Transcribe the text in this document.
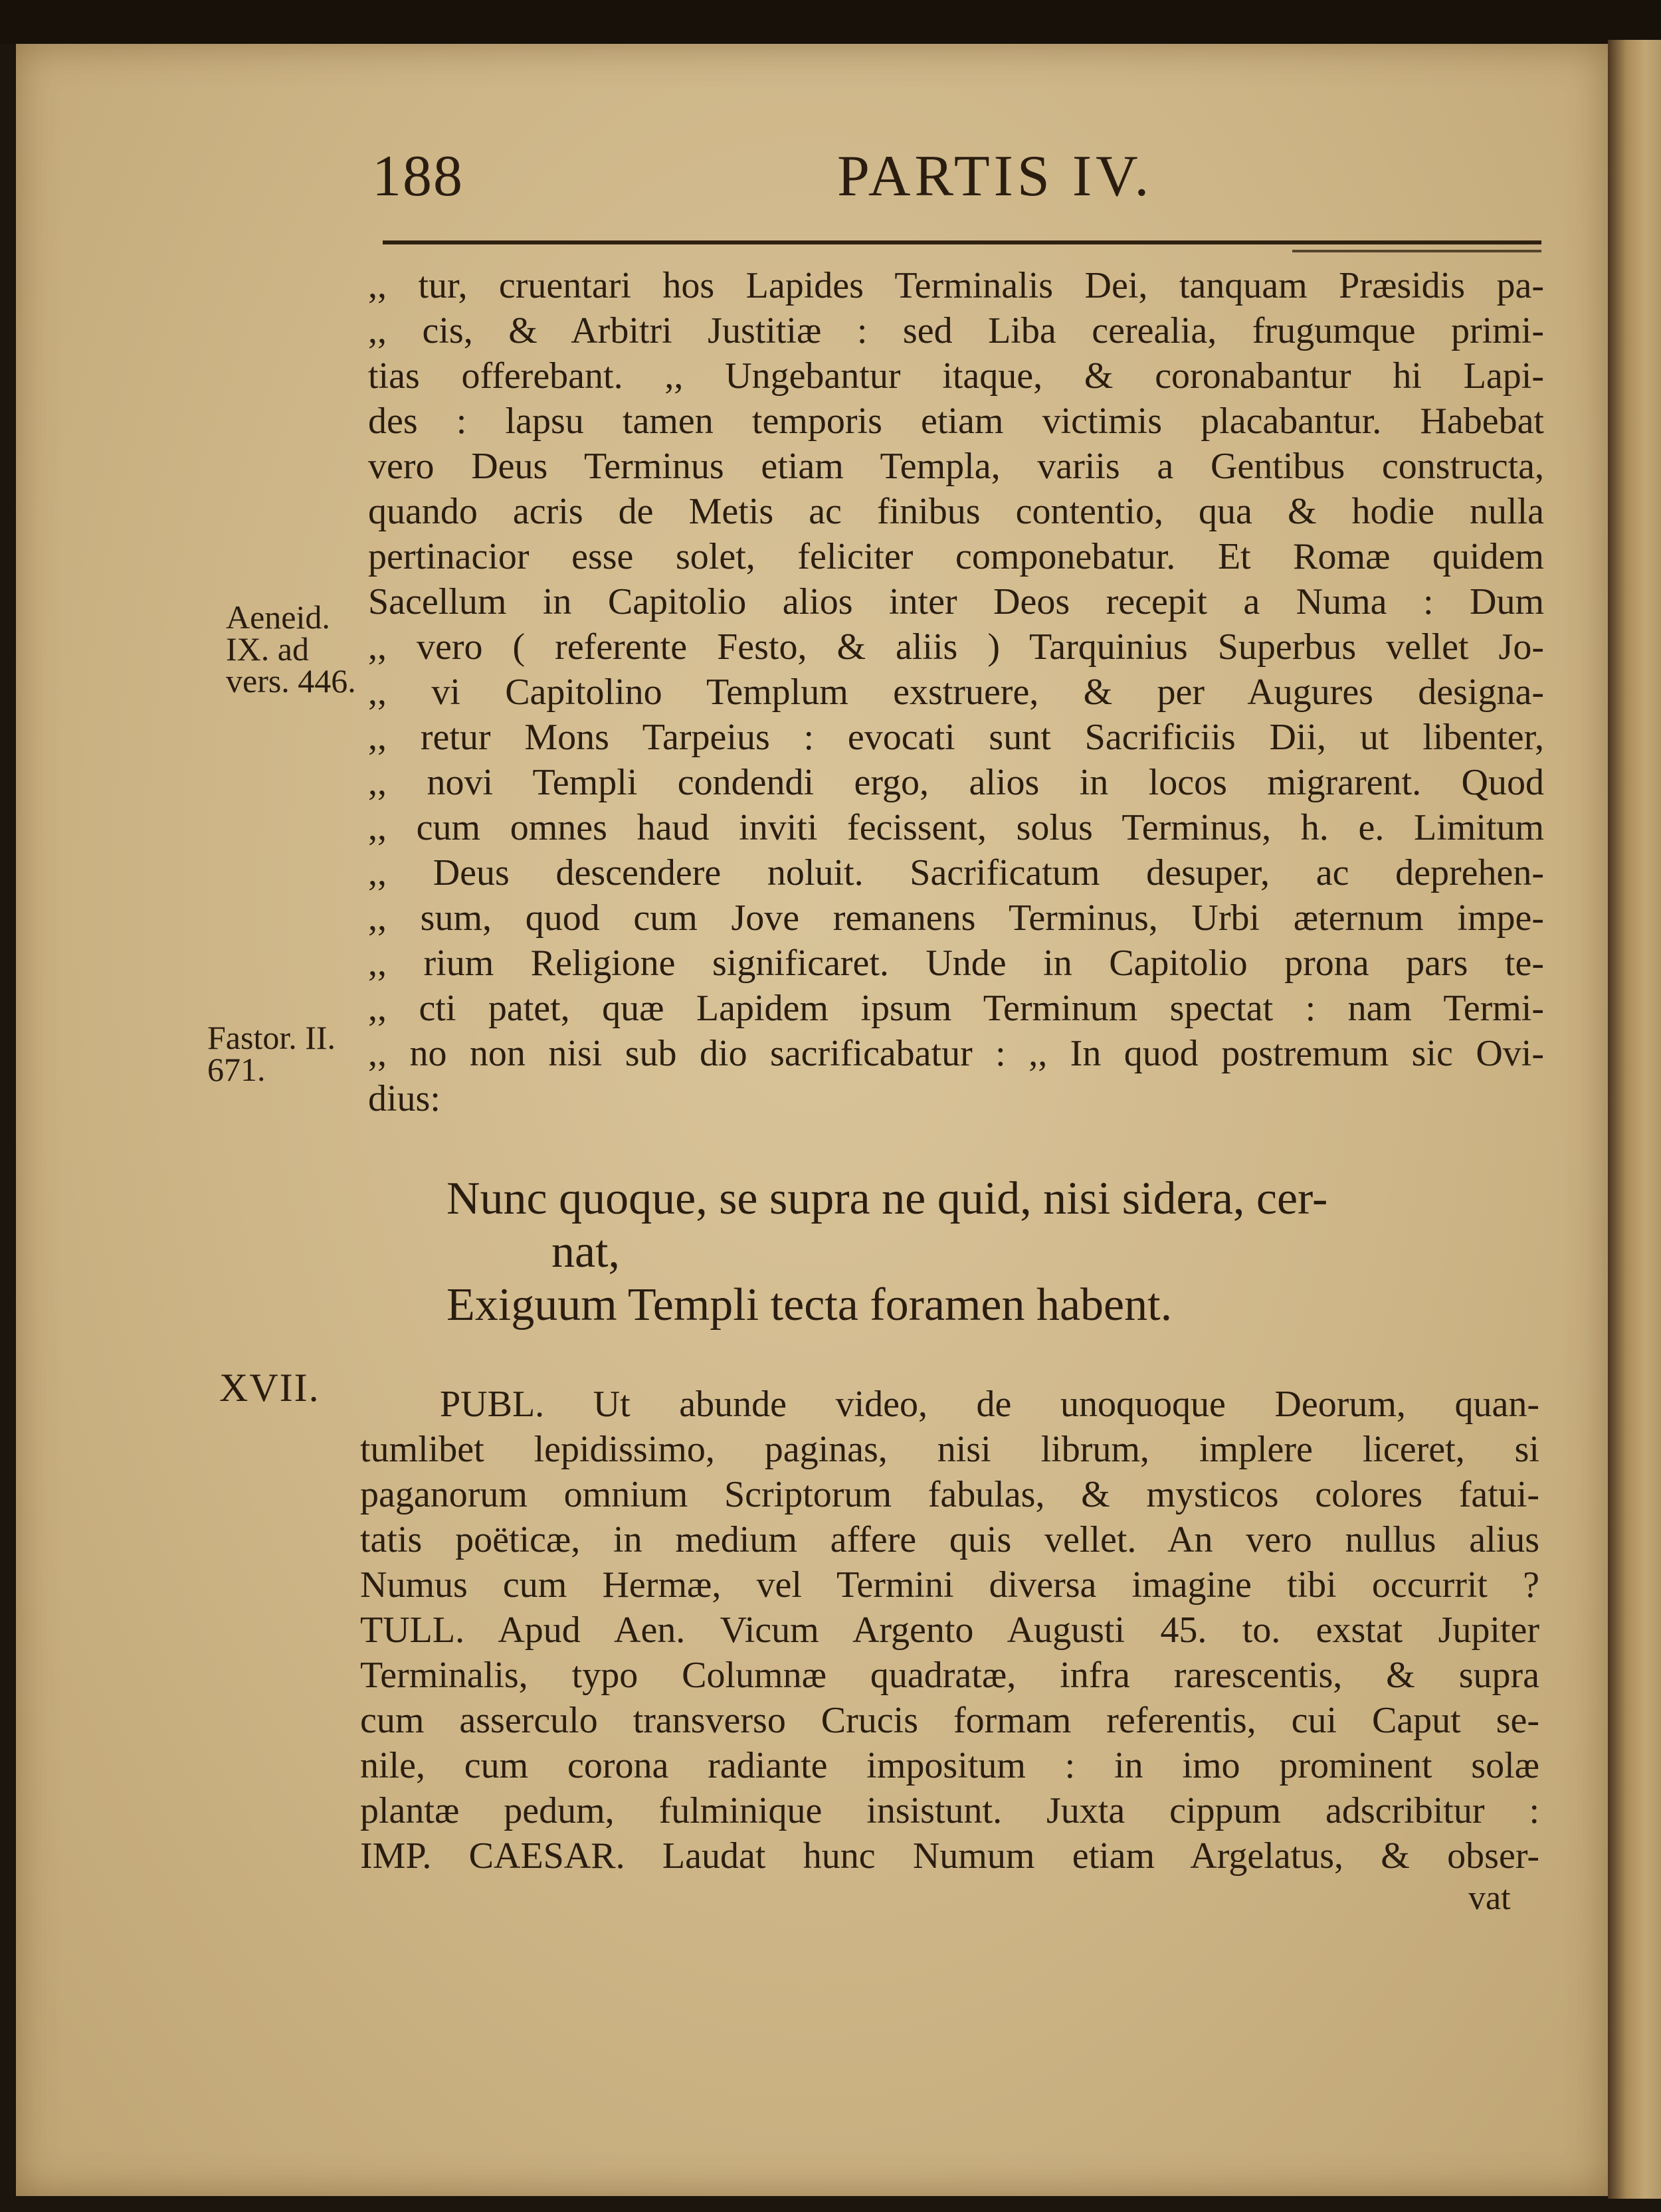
188	PARTIS IV.
,, tur, cruentari hos Lapides Terminalis Dei, tanquam Præsidis pa-
,, cis, & Arbitri Justitiæ : sed Liba cerealia, frugumque primi-
tias offerebant. ,, Ungebantur itaque, & coronabantur hi Lapi-
des : lapsu tamen temporis etiam victimis placabantur. Habebat
vero Deus Terminus etiam Templa, variis a Gentibus constructa,
quando acris de Metis ac finibus contentio, qua & hodie nulla
pertinacior esse solet, feliciter componebatur. Et Romæ quidem
Sacellum in Capitolio alios inter Deos recepit a Numa : Dum
,, vero ( referente Festo, & aliis ) Tarquinius Superbus vellet Jo-
,, vi Capitolino Templum exstruere, & per Augures designa-
,, retur Mons Tarpeius : evocati sunt Sacrificiis Dii, ut libenter,
,, novi Templi condendi ergo, alios in locos migrarent. Quod
,, cum omnes haud inviti fecissent, solus Terminus, h. e. Limitum
,, Deus descendere noluit. Sacrificatum desuper, ac deprehen-
,, sum, quod cum Jove remanens Terminus, Urbi æternum impe-
,, rium Religione significaret. Unde in Capitolio prona pars te-
,, cti patet, quæ Lapidem ipsum Terminum spectat : nam Termi-
,, no non nisi sub dio sacrificabatur : ,, In quod postremum sic Ovi-
dius:
Aeneid.
IX. ad
vers. 446.
Fastor. II.
671.
Nunc quoque, se supra ne quid, nisi sidera, cer-
nat,
Exiguum Templi tecta foramen habent.
XVII.	PUBL. Ut abunde video, de unoquoque Deorum, quan-
tumlibet lepidissimo, paginas, nisi librum, implere liceret, si
paganorum omnium Scriptorum fabulas, & mysticos colores fatui-
tatis poëticæ, in medium affere quis vellet. An vero nullus alius
Numus cum Hermæ, vel Termini diversa imagine tibi occurrit ?
TULL. Apud Aen. Vicum Argento Augusti 45. to. exstat Jupiter
Terminalis, typo Columnæ quadratæ, infra rarescentis, & supra
cum asserculo transverso Crucis formam referentis, cui Caput se-
nile, cum corona radiante impositum : in imo prominent solæ
plantæ pedum, fulminique insistunt. Juxta cippum adscribitur :
IMP. CAESAR. Laudat hunc Numum etiam Argelatus, & obser-
vat
